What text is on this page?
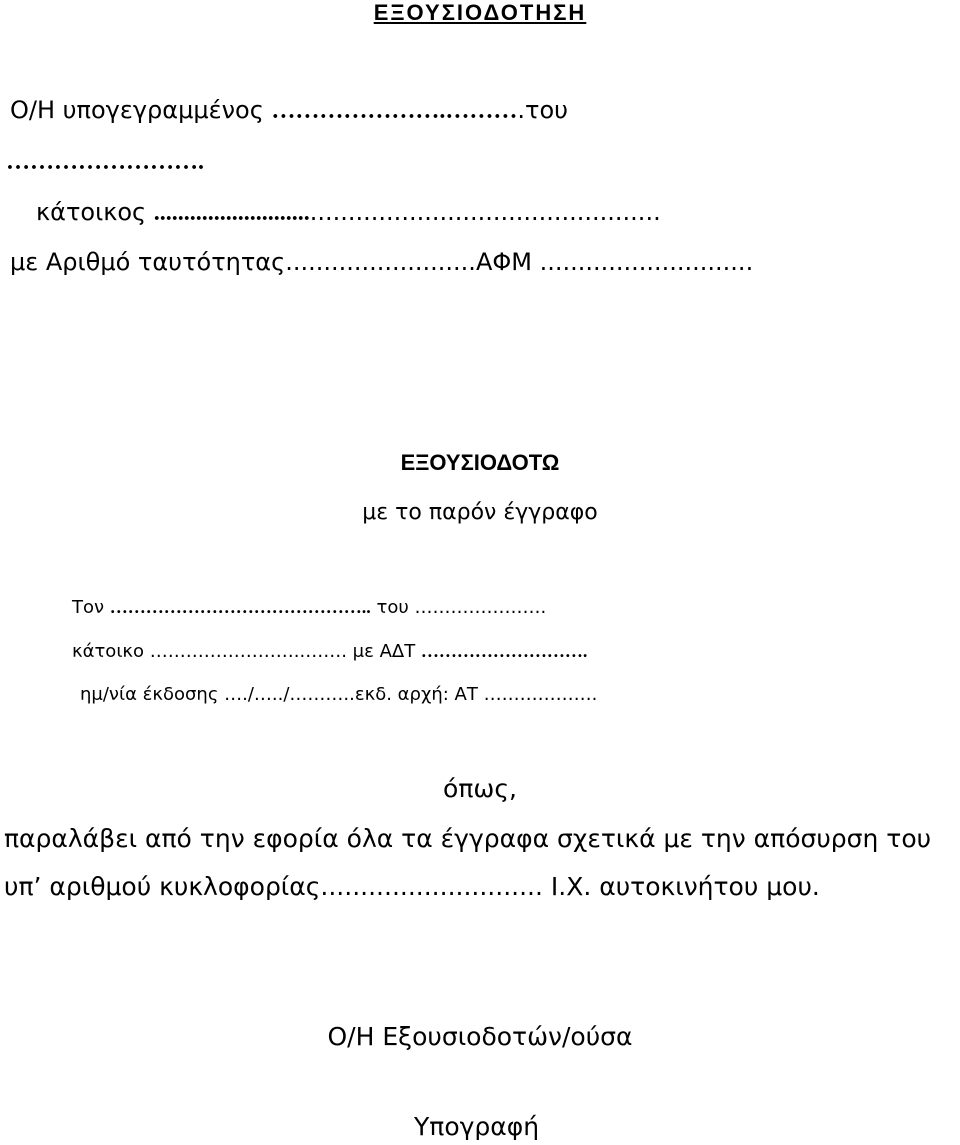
ΕΞΟΥΣΙΟΔΟΤΗΣΗ
Ο/Η υπογεγραμμένος ………………….……….του
…………………….
κάτοικος ........................................................................
με Αριθμό ταυτότητας.........................ΑΦΜ ............................
ΕΞΟΥΣΙΟΔΟΤΩ
με το παρόν έγγραφο
Τον …………………………………….. του ………………….
κάτοικο ……………………..……. με ΑΔΤ ……………………….
ημ/νία έκδοσης …./…../………..εκδ. αρχή: ΑΤ ……………….
όπως,
παραλάβει από την εφορία όλα τα έγγραφα σχετικά με την απόσυρση του
υπ’ αριθμού κυκλοφορίας............................ Ι.Χ. αυτοκινήτου μου.
Ο/Η Εξουσιοδοτών/ούσα
Υπογραφή
